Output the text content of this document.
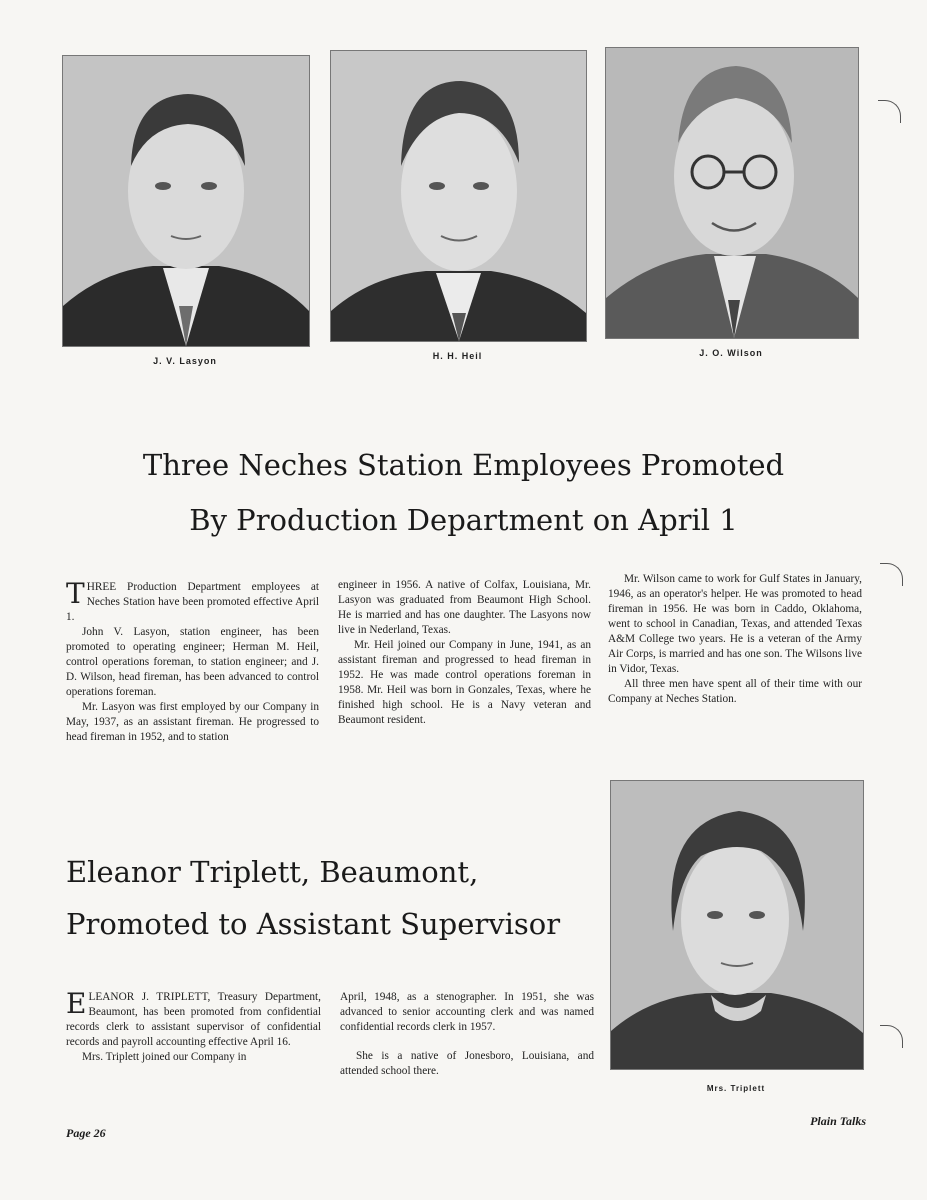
J. V. Lasyon	H. H. Heil	J. O. Wilson
Three Neches Station Employees Promoted
By Production Department on April 1

THREE Production Department employees at Neches Station have been promoted effective April 1.

John V. Lasyon, station engineer, has been promoted to operating engineer; Herman M. Heil, control operations foreman, to station engineer; and J. D. Wilson, head fireman, has been advanced to control operations foreman.

Mr. Lasyon was first employed by our Company in May, 1937, as an assistant fireman. He progressed to head fireman in 1952, and to station

engineer in 1956. A native of Colfax, Louisiana, Mr. Lasyon was graduated from Beaumont High School. He is married and has one daughter. The Lasyons now live in Nederland, Texas.

Mr. Heil joined our Company in June, 1941, as an assistant fireman and progressed to head fireman in 1952. He was made control operations foreman in 1958. Mr. Heil was born in Gonzales, Texas, where he finished high school. He is a Navy veteran and Beaumont resident.

Mr. Wilson came to work for Gulf States in January, 1946, as an operator's helper. He was promoted to head fireman in 1956. He was born in Caddo, Oklahoma, went to school in Canadian, Texas, and attended Texas A&M College two years. He is a veteran of the Army Air Corps, is married and has one son. The Wilsons live in Vidor, Texas.

All three men have spent all of their time with our Company at Neches Station.

Eleanor Triplett, Beaumont,
Promoted to Assistant Supervisor

ELEANOR J. TRIPLETT, Treasury Department, Beaumont, has been promoted from confidential records clerk to assistant supervisor of confidential records and payroll accounting effective April 16.

Mrs. Triplett joined our Company in

April, 1948, as a stenographer. In 1951, she was advanced to senior accounting clerk and was named confidential records clerk in 1957.

She is a native of Jonesboro, Louisiana, and attended school there.

Mrs. Triplett
Page 26
Plain Talks
